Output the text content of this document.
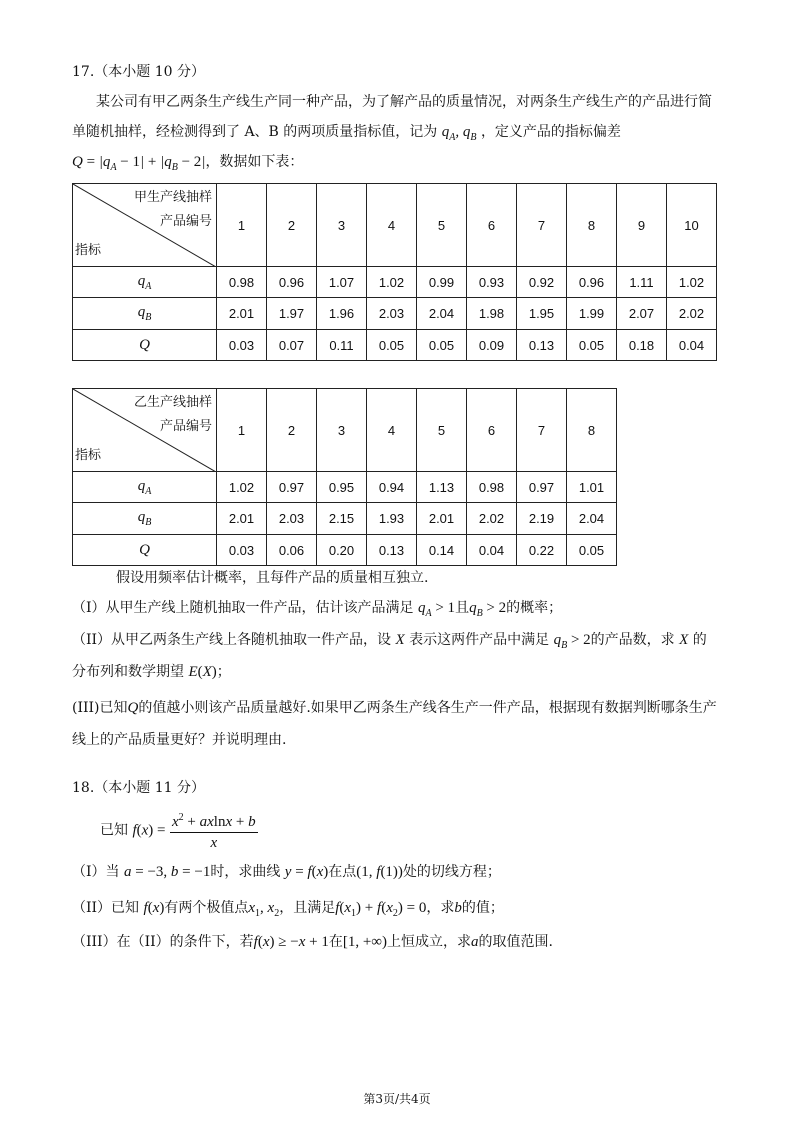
17.（本小题 10 分）
某公司有甲乙两条生产线生产同一种产品，为了解产品的质量情况，对两条生产线生产的产品进行简
单随机抽样，经检测得到了 A、B 的两项质量指标值，记为 $q_A$, $q_B$ ，定义产品的指标偏差
$Q = |q_A - 1| + |q_B - 2|$，数据如下表：
甲生产线抽样
产品编号
指标	1	2	3	4	5	6	7	8	9	10
$q_A$	0.98	0.96	1.07	1.02	0.99	0.93	0.92	0.96	1.11	1.02
$q_B$	2.01	1.97	1.96	2.03	2.04	1.98	1.95	1.99	2.07	2.02
Q	0.03	0.07	0.11	0.05	0.05	0.09	0.13	0.05	0.18	0.04
乙生产线抽样
产品编号
指标	1	2	3	4	5	6	7	8
$q_A$	1.02	0.97	0.95	0.94	1.13	0.98	0.97	1.01
$q_B$	2.01	2.03	2.15	1.93	2.01	2.02	2.19	2.04
Q	0.03	0.06	0.20	0.13	0.14	0.04	0.22	0.05
假设用频率估计概率，且每件产品的质量相互独立.
（I）从甲生产线上随机抽取一件产品，估计该产品满足 $q_A > 1$且$q_B > 2$的概率；
（II）从甲乙两条生产线上各随机抽取一件产品，设 X 表示这两件产品中满足 $q_B > 2$的产品数，求 X 的
分布列和数学期望 E(X)；
(III)已知Q的值越小则该产品质量越好.如果甲乙两条生产线各生产一件产品，根据现有数据判断哪条生产
线上的产品质量更好？并说明理由.
18.（本小题 11 分）
已知 $f(x) = \frac{x^2 + axlnx + b}{x}$
（I）当 a = −3, b = −1时，求曲线 y = f(x)在点(1, f(1))处的切线方程；
（II）已知 f(x)有两个极值点$x_1$, $x_2$，且满足$f(x_1) + f(x_2) = 0$，求b的值；
（III）在（II）的条件下，若f(x) ≥ −x + 1在[1, +∞)上恒成立，求a的取值范围.
第3页/共4页
